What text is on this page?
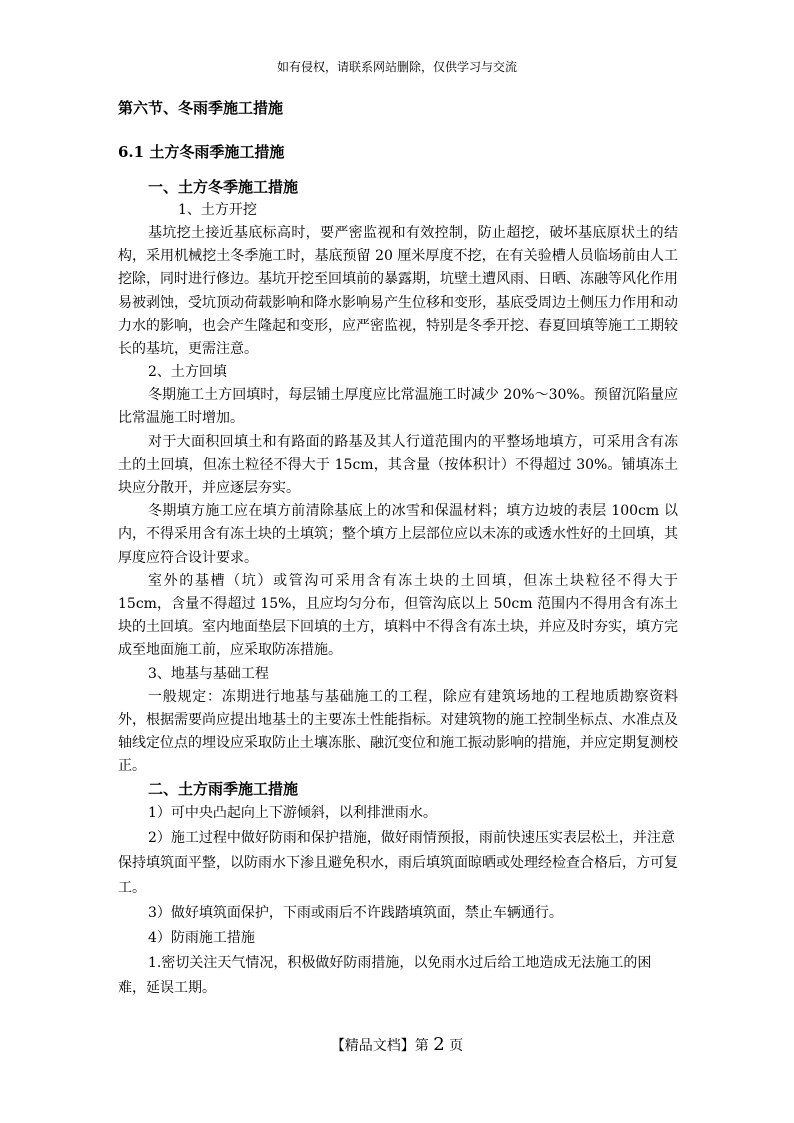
如有侵权，请联系网站删除，仅供学习与交流
第六节、冬雨季施工措施
6.1 土方冬雨季施工措施
一、土方冬季施工措施
1、土方开挖

基坑挖土接近基底标高时，要严密监视和有效控制，防止超挖，破坏基底原状土的结构，采用机械挖土冬季施工时，基底预留 20 厘米厚度不挖，在有关验槽人员临场前由人工挖除，同时进行修边。基坑开挖至回填前的暴露期，坑壁土遭风雨、日晒、冻融等风化作用易被剥蚀，受坑顶动荷载影响和降水影响易产生位移和变形，基底受周边土侧压力作用和动力水的影响，也会产生隆起和变形，应严密监视，特别是冬季开挖、春夏回填等施工工期较长的基坑，更需注意。

2、土方回填

冬期施工土方回填时，每层铺土厚度应比常温施工时减少 20%～30%。预留沉陷量应比常温施工时增加。

对于大面积回填土和有路面的路基及其人行道范围内的平整场地填方，可采用含有冻土的土回填，但冻土粒径不得大于 15cm，其含量（按体积计）不得超过 30%。铺填冻土块应分散开，并应逐层夯实。

冬期填方施工应在填方前清除基底上的冰雪和保温材料；填方边坡的表层 100cm 以内，不得采用含有冻土块的土填筑；整个填方上层部位应以未冻的或透水性好的土回填，其厚度应符合设计要求。

室外的基槽（坑）或管沟可采用含有冻土块的土回填，但冻土块粒径不得大于 15cm，含量不得超过 15%，且应均匀分布，但管沟底以上 50cm 范围内不得用含有冻土块的土回填。室内地面垫层下回填的土方，填料中不得含有冻土块，并应及时夯实，填方完成至地面施工前，应采取防冻措施。

3、地基与基础工程

一般规定：冻期进行地基与基础施工的工程，除应有建筑场地的工程地质勘察资料外，根据需要尚应提出地基土的主要冻土性能指标。对建筑物的施工控制坐标点、水准点及轴线定位点的埋设应采取防止土壤冻胀、融沉变位和施工振动影响的措施，并应定期复测校正。

二、土方雨季施工措施

1）可中央凸起向上下游倾斜，以利排泄雨水。

2）施工过程中做好防雨和保护措施，做好雨情预报，雨前快速压实表层松土，并注意保持填筑面平整，以防雨水下渗且避免积水，雨后填筑面晾晒或处理经检查合格后，方可复工。

3）做好填筑面保护，下雨或雨后不许践踏填筑面，禁止车辆通行。

4）防雨施工措施

1.密切关注天气情况，积极做好防雨措施，以免雨水过后给工地造成无法施工的困难，延误工期。

【精品文档】第 2 页
